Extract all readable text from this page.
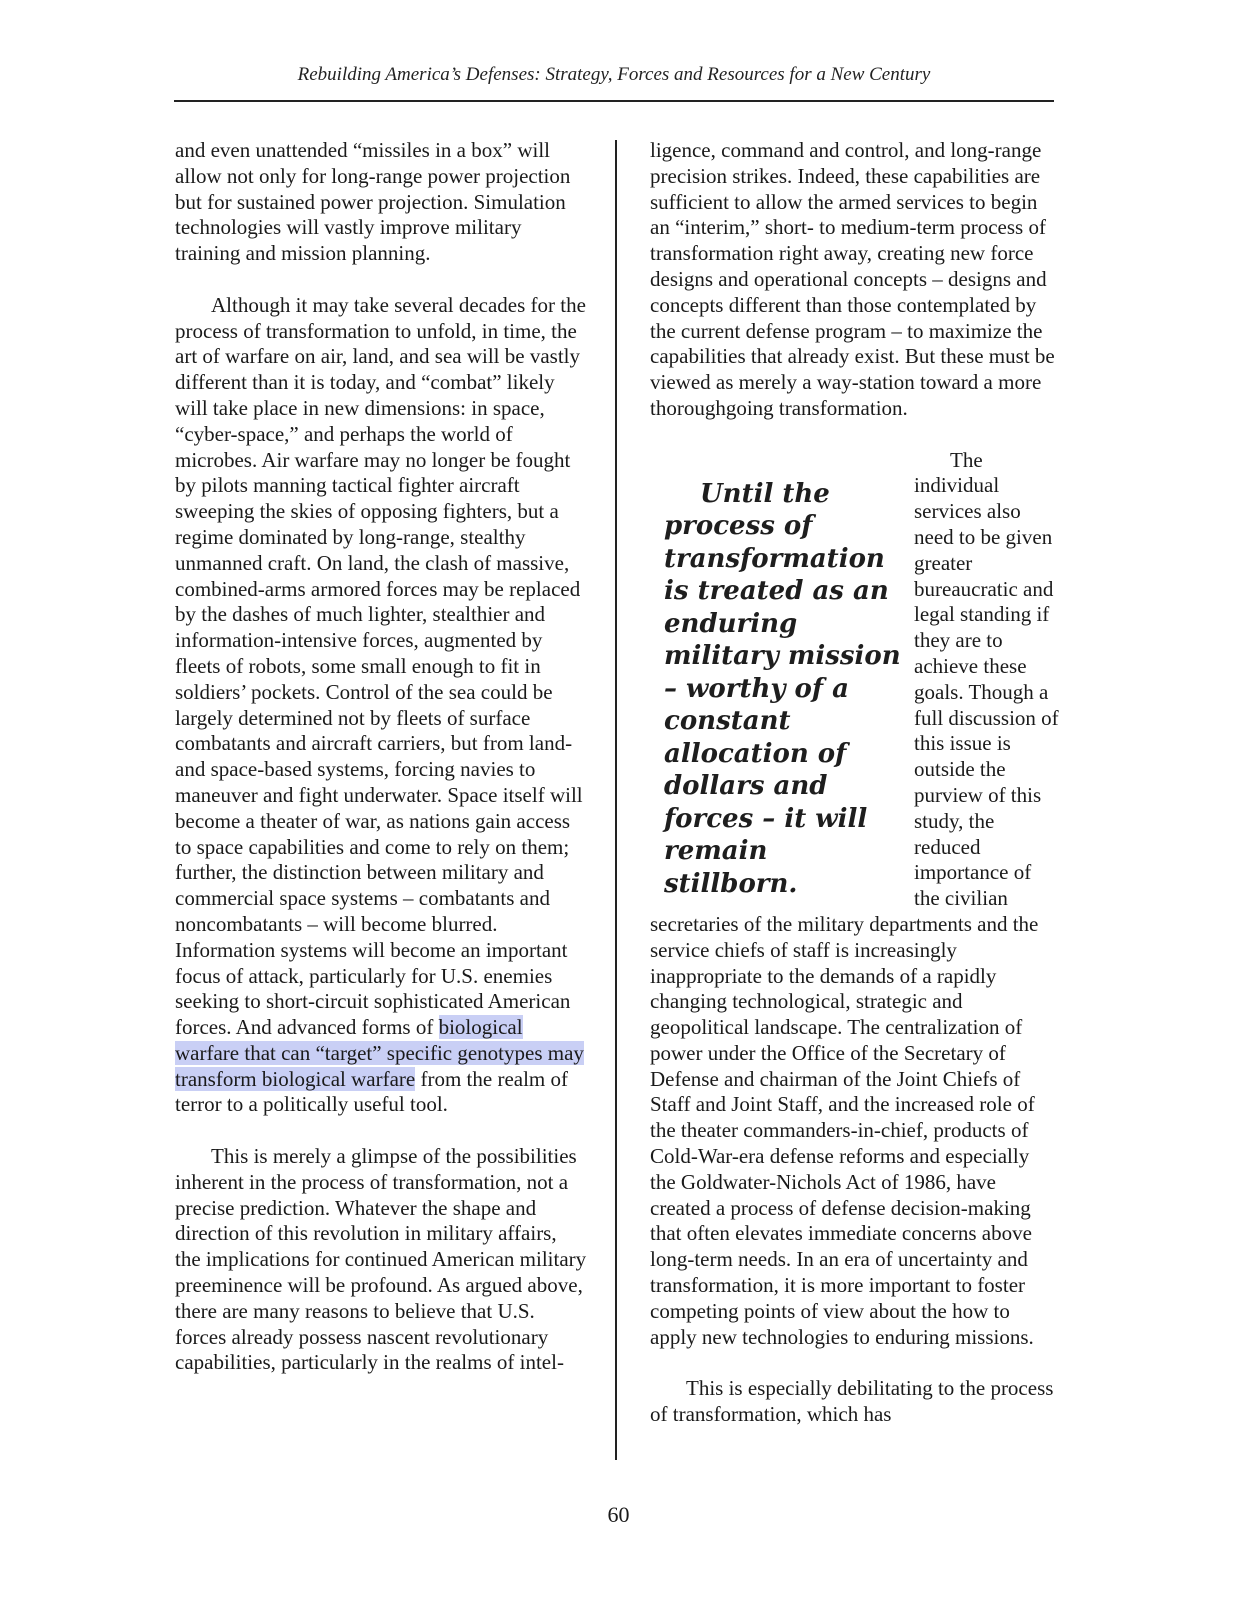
Rebuilding America’s Defenses: Strategy, Forces and Resources for a New Century

and even unattended “missiles in a box” will allow not only for long-range power projection but for sustained power projection. Simulation technologies will vastly improve military training and mission planning.

Although it may take several decades for the process of transformation to unfold, in time, the art of warfare on air, land, and sea will be vastly different than it is today, and “combat” likely will take place in new dimensions: in space, “cyber-space,” and perhaps the world of microbes. Air warfare may no longer be fought by pilots manning tactical fighter aircraft sweeping the skies of opposing fighters, but a regime dominated by long-range, stealthy unmanned craft. On land, the clash of massive, combined-arms armored forces may be replaced by the dashes of much lighter, stealthier and information-intensive forces, augmented by fleets of robots, some small enough to fit in soldiers’ pockets. Control of the sea could be largely determined not by fleets of surface combatants and aircraft carriers, but from land- and space-based systems, forcing navies to maneuver and fight underwater. Space itself will become a theater of war, as nations gain access to space capabilities and come to rely on them; further, the distinction between military and commercial space systems – combatants and noncombatants – will become blurred. Information systems will become an important focus of attack, particularly for U.S. enemies seeking to short-circuit sophisticated American forces. And advanced forms of biological warfare that can “target” specific genotypes may transform biological warfare from the realm of terror to a politically useful tool.

This is merely a glimpse of the possibilities inherent in the process of transformation, not a precise prediction. Whatever the shape and direction of this revolution in military affairs, the implications for continued American military preeminence will be profound. As argued above, there are many reasons to believe that U.S. forces already possess nascent revolutionary capabilities, particularly in the realms of intel-

ligence, command and control, and long-range precision strikes. Indeed, these capabilities are sufficient to allow the armed services to begin an “interim,” short- to medium-term process of transformation right away, creating new force designs and operational concepts – designs and concepts different than those contemplated by the current defense program – to maximize the capabilities that already exist. But these must be viewed as merely a way-station toward a more thoroughgoing transformation.

Until the process of transformation is treated as an enduring military mission – worthy of a constant allocation of dollars and forces – it will remain stillborn.
The individual services also need to be given greater bureaucratic and legal standing if they are to achieve these goals. Though a full discussion of this issue is outside the purview of this study, the reduced importance of the civilian secretaries of the military departments and the service chiefs of staff is increasingly inappropriate to the demands of a rapidly changing technological, strategic and geopolitical landscape. The centralization of power under the Office of the Secretary of Defense and chairman of the Joint Chiefs of Staff and Joint Staff, and the increased role of the theater commanders-in-chief, products of Cold-War-era defense reforms and especially the Goldwater-Nichols Act of 1986, have created a process of defense decision-making that often elevates immediate concerns above long-term needs. In an era of uncertainty and transformation, it is more important to foster competing points of view about the how to apply new technologies to enduring missions.

This is especially debilitating to the process of transformation, which has

60
